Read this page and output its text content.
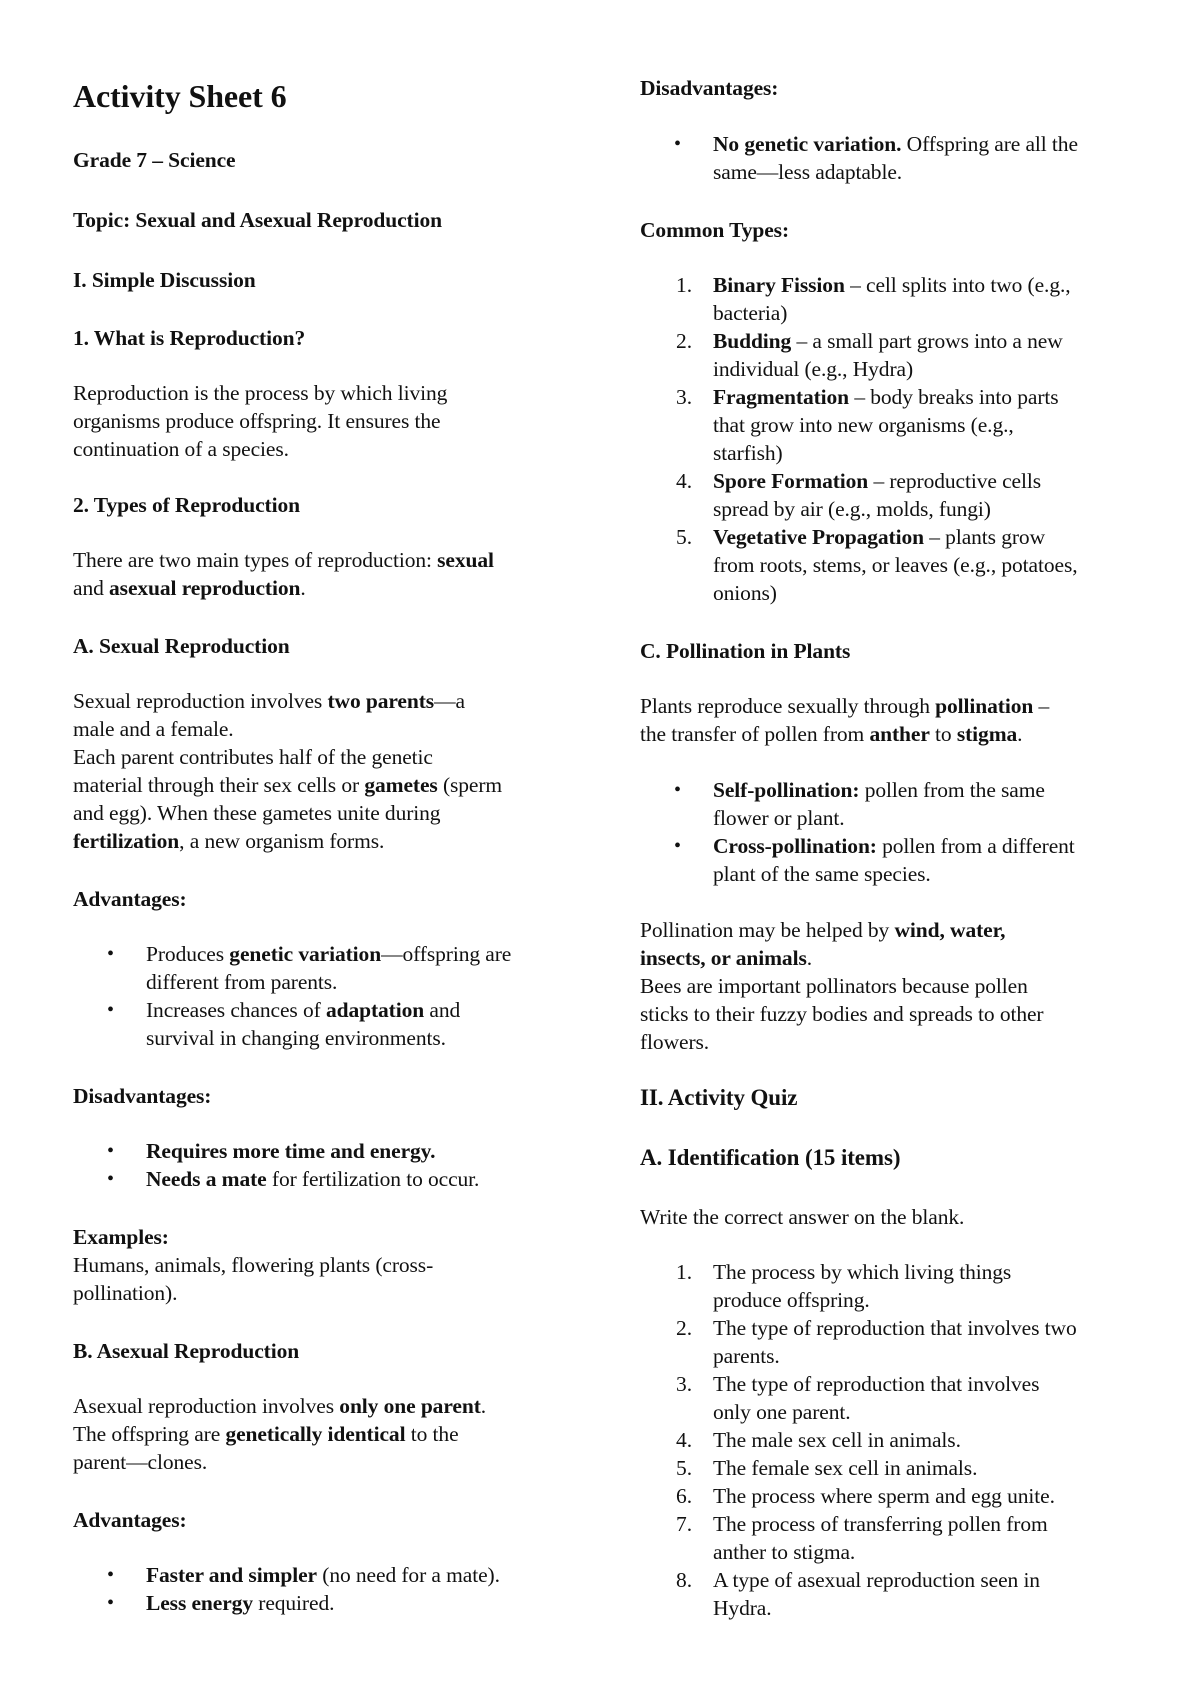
Activity Sheet 6
Grade 7 – Science
Topic: Sexual and Asexual Reproduction
I. Simple Discussion
1. What is Reproduction?
Reproduction is the process by which living
organisms produce offspring. It ensures the
continuation of a species.
2. Types of Reproduction
There are two main types of reproduction: sexual
and asexual reproduction.
A. Sexual Reproduction
Sexual reproduction involves two parents—a
male and a female.
Each parent contributes half of the genetic
material through their sex cells or gametes (sperm
and egg). When these gametes unite during
fertilization, a new organism forms.
Advantages:
• Produces genetic variation—offspring are
different from parents.
• Increases chances of adaptation and
survival in changing environments.
Disadvantages:
• Requires more time and energy.
• Needs a mate for fertilization to occur.
Examples:
Humans, animals, flowering plants (cross-
pollination).
B. Asexual Reproduction
Asexual reproduction involves only one parent.
The offspring are genetically identical to the
parent—clones.
Advantages:
• Faster and simpler (no need for a mate).
• Less energy required.
Disadvantages:
• No genetic variation. Offspring are all the
same—less adaptable.
Common Types:
1. Binary Fission – cell splits into two (e.g.,
bacteria)
2. Budding – a small part grows into a new
individual (e.g., Hydra)
3. Fragmentation – body breaks into parts
that grow into new organisms (e.g.,
starfish)
4. Spore Formation – reproductive cells
spread by air (e.g., molds, fungi)
5. Vegetative Propagation – plants grow
from roots, stems, or leaves (e.g., potatoes,
onions)
C. Pollination in Plants
Plants reproduce sexually through pollination –
the transfer of pollen from anther to stigma.
• Self-pollination: pollen from the same
flower or plant.
• Cross-pollination: pollen from a different
plant of the same species.
Pollination may be helped by wind, water,
insects, or animals.
Bees are important pollinators because pollen
sticks to their fuzzy bodies and spreads to other
flowers.
II. Activity Quiz
A. Identification (15 items)
Write the correct answer on the blank.
1. The process by which living things
produce offspring.
2. The type of reproduction that involves two
parents.
3. The type of reproduction that involves
only one parent.
4. The male sex cell in animals.
5. The female sex cell in animals.
6. The process where sperm and egg unite.
7. The process of transferring pollen from
anther to stigma.
8. A type of asexual reproduction seen in
Hydra.
